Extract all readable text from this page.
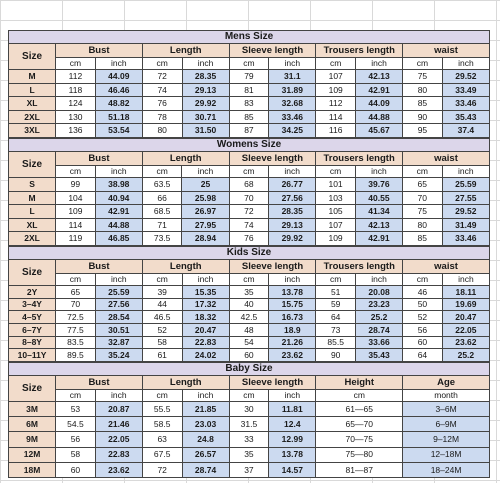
Mens Size										
Size	Bust		Length		Sleeve length		Trousers length		waist	
	cm	inch	cm	inch	cm	inch	cm	inch	cm	inch
M	112	44.09	72	28.35	79	31.1	107	42.13	75	29.52
L	118	46.46	74	29.13	81	31.89	109	42.91	80	33.49
XL	124	48.82	76	29.92	83	32.68	112	44.09	85	33.46
2XL	130	51.18	78	30.71	85	33.46	114	44.88	90	35.43
3XL	136	53.54	80	31.50	87	34.25	116	45.67	95	37.4
Womens Size										
Size	Bust		Length		Sleeve length		Trousers length		waist	
	cm	inch	cm	inch	cm	inch	cm	inch	cm	inch
S	99	38.98	63.5	25	68	26.77	101	39.76	65	25.59
M	104	40.94	66	25.98	70	27.56	103	40.55	70	27.55
L	109	42.91	68.5	26.97	72	28.35	105	41.34	75	29.52
XL	114	44.88	71	27.95	74	29.13	107	42.13	80	31.49
2XL	119	46.85	73.5	28.94	76	29.92	109	42.91	85	33.46
Kids Size										
Size	Bust		Length		Sleeve length		Trousers length		waist	
	cm	inch	cm	inch	cm	inch	cm	inch	cm	inch
2Y	65	25.59	39	15.35	35	13.78	51	20.08	46	18.11
3–4Y	70	27.56	44	17.32	40	15.75	59	23.23	50	19.69
4–5Y	72.5	28.54	46.5	18.32	42.5	16.73	64	25.2	52	20.47
6–7Y	77.5	30.51	52	20.47	48	18.9	73	28.74	56	22.05
8–8Y	83.5	32.87	58	22.83	54	21.26	85.5	33.66	60	23.62
10–11Y	89.5	35.24	61	24.02	60	23.62	90	35.43	64	25.2
Baby Size								
Size	Bust		Length		Sleeve length		Height	Age
	cm	inch	cm	inch	cm	inch	cm	month
3M	53	20.87	55.5	21.85	30	11.81	61—65	3–6M
6M	54.5	21.46	58.5	23.03	31.5	12.4	65—70	6–9M
9M	56	22.05	63	24.8	33	12.99	70—75	9–12M
12M	58	22.83	67.5	26.57	35	13.78	75—80	12–18M
18M	60	23.62	72	28.74	37	14.57	81—87	18–24M
